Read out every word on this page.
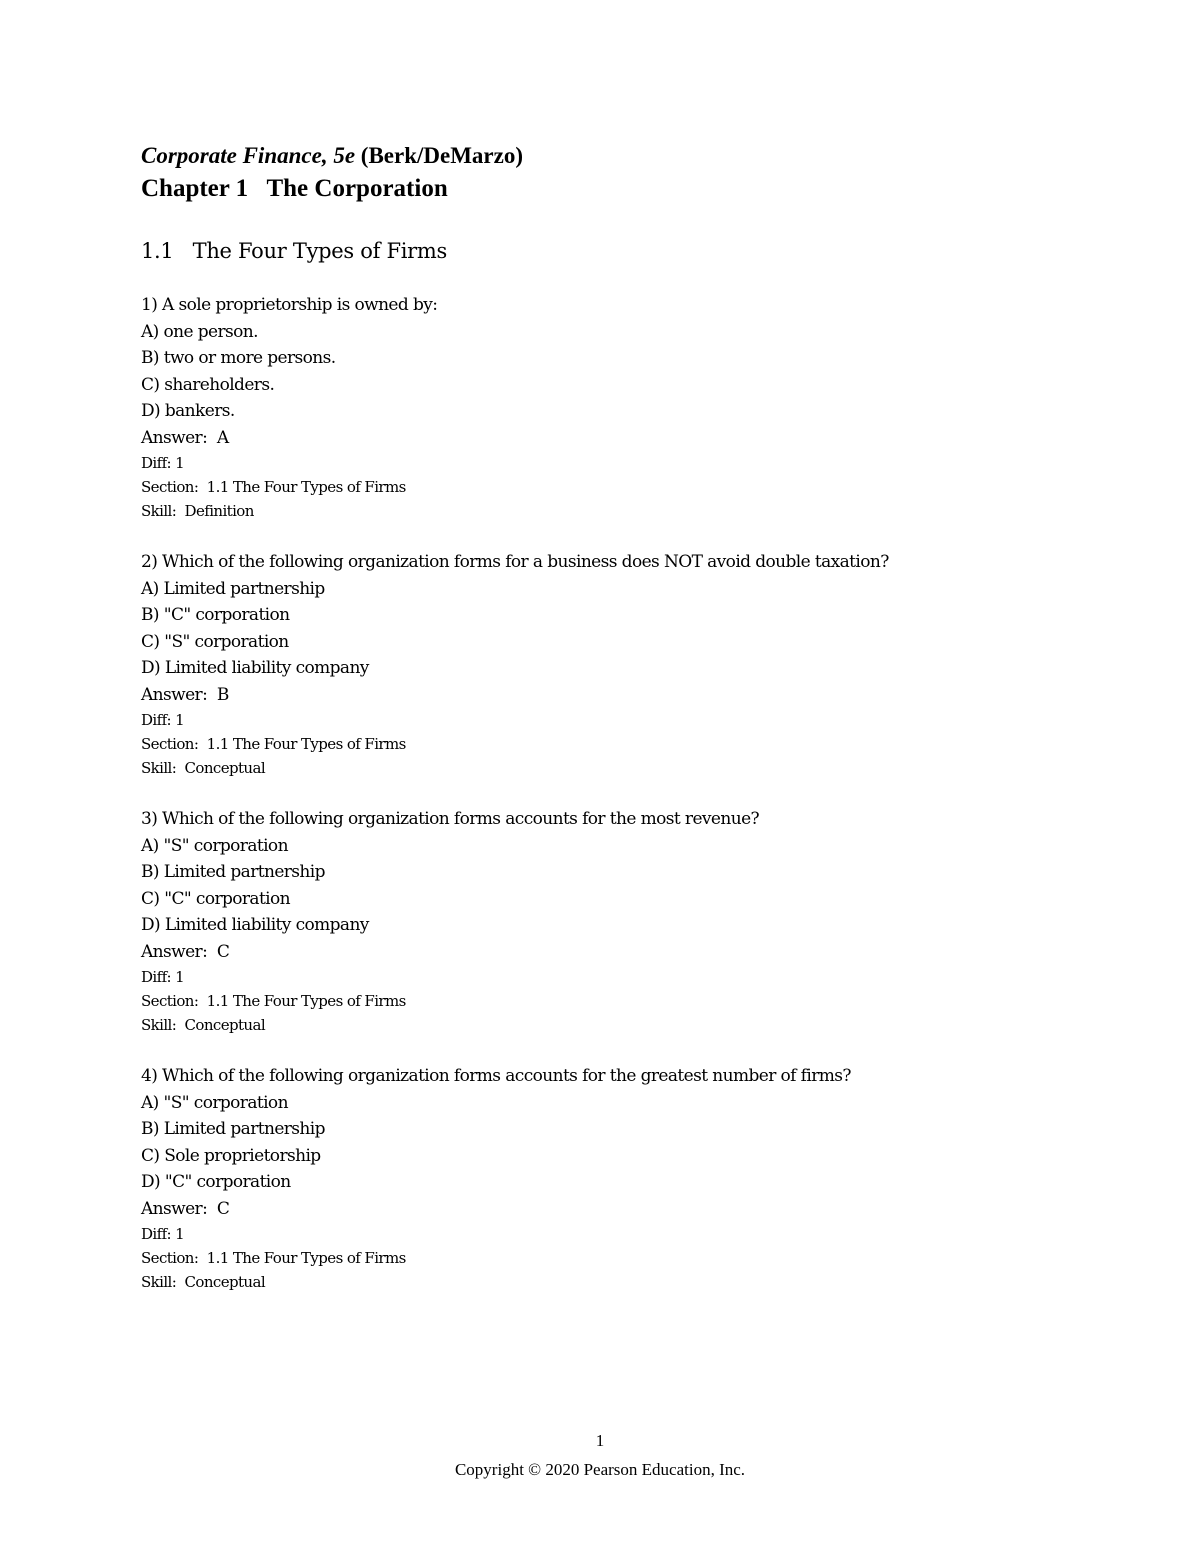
Corporate Finance, 5e (Berk/DeMarzo)

Chapter 1   The Corporation

1.1   The Four Types of Firms

1) A sole proprietorship is owned by:
A) one person.
B) two or more persons.
C) shareholders.
D) bankers.
Answer:  A
Diff: 1
Section:  1.1 The Four Types of Firms
Skill:  Definition
2) Which of the following organization forms for a business does NOT avoid double taxation?
A) Limited partnership
B) "C" corporation
C) "S" corporation
D) Limited liability company
Answer:  B
Diff: 1
Section:  1.1 The Four Types of Firms
Skill:  Conceptual
3) Which of the following organization forms accounts for the most revenue?
A) "S" corporation
B) Limited partnership
C) "C" corporation
D) Limited liability company
Answer:  C
Diff: 1
Section:  1.1 The Four Types of Firms
Skill:  Conceptual
4) Which of the following organization forms accounts for the greatest number of firms?
A) "S" corporation
B) Limited partnership
C) Sole proprietorship
D) "C" corporation
Answer:  C
Diff: 1
Section:  1.1 The Four Types of Firms
Skill:  Conceptual
1
Copyright © 2020 Pearson Education, Inc.
